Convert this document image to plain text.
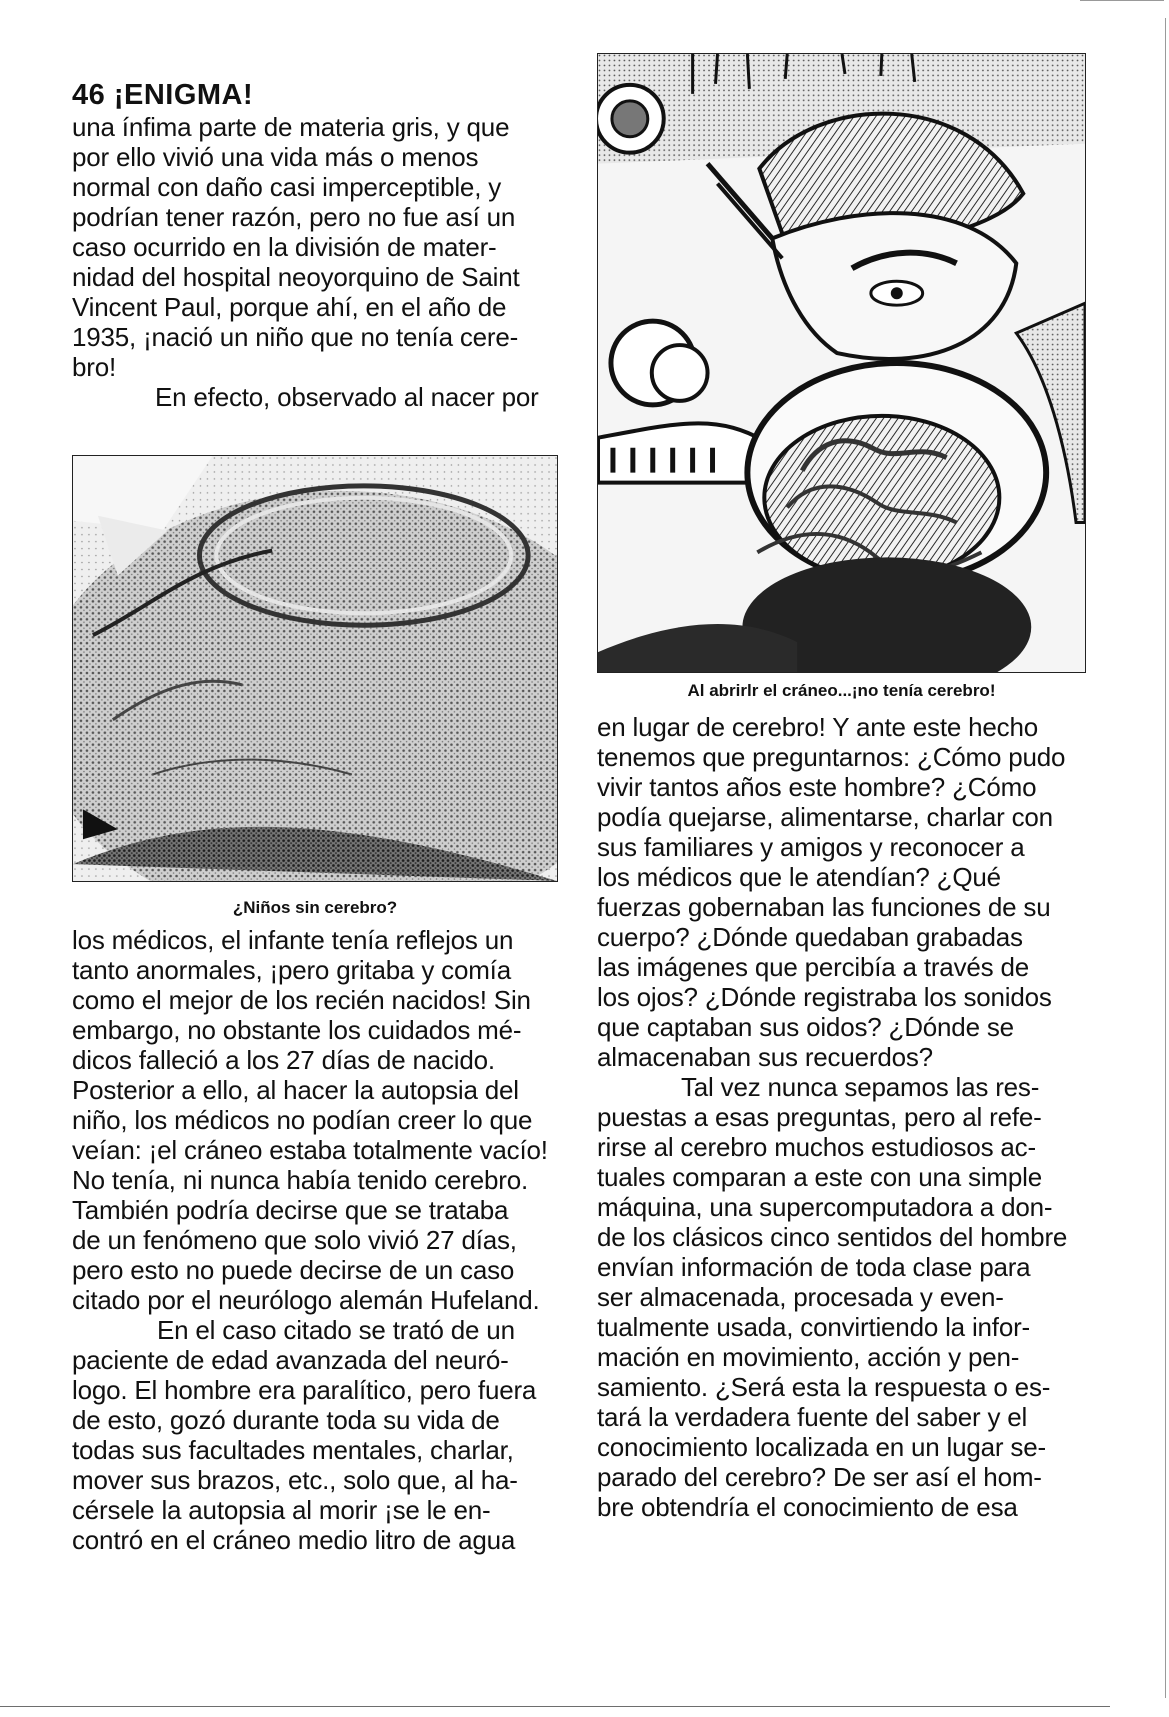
46 ¡ENIGMA!
una ínfima parte de materia gris, y que
por ello vivió una vida más o menos
normal con daño casi imperceptible, y
podrían tener razón, pero no fue así un
caso ocurrido en la división de mater-
nidad del hospital neoyorquino de Saint
Vincent Paul, porque ahí, en el año de
1935, ¡nació un niño que no tenía cere-
bro!
En efecto, observado al nacer por
¿Niños sin cerebro?
los médicos, el infante tenía reflejos un
tanto anormales, ¡pero gritaba y comía
como el mejor de los recién nacidos! Sin
embargo, no obstante los cuidados mé-
dicos falleció a los 27 días de nacido.
Posterior a ello, al hacer la autopsia del
niño, los médicos no podían creer lo que
veían: ¡el cráneo estaba totalmente vacío!
No tenía, ni nunca había tenido cerebro.
También podría decirse que se trataba
de un fenómeno que solo vivió 27 días,
pero esto no puede decirse de un caso
citado por el neurólogo alemán Hufeland.
En el caso citado se trató de un
paciente de edad avanzada del neuró-
logo. El hombre era paralítico, pero fuera
de esto, gozó durante toda su vida de
todas sus facultades mentales, charlar,
mover sus brazos, etc., solo que, al ha-
cérsele la autopsia al morir ¡se le en-
contró en el cráneo medio litro de agua
Al abrirlr el cráneo...¡no tenía cerebro!
en lugar de cerebro! Y ante este hecho
tenemos que preguntarnos: ¿Cómo pudo
vivir tantos años este hombre? ¿Cómo
podía quejarse, alimentarse, charlar con
sus familiares y amigos y reconocer a
los médicos que le atendían? ¿Qué
fuerzas gobernaban las funciones de su
cuerpo? ¿Dónde quedaban grabadas
las imágenes que percibía a través de
los ojos? ¿Dónde registraba los sonidos
que captaban sus oidos? ¿Dónde se
almacenaban sus recuerdos?
Tal vez nunca sepamos las res-
puestas a esas preguntas, pero al refe-
rirse al cerebro muchos estudiosos ac-
tuales comparan a este con una simple
máquina, una supercomputadora a don-
de los clásicos cinco sentidos del hombre
envían información de toda clase para
ser almacenada, procesada y even-
tualmente usada, convirtiendo la infor-
mación en movimiento, acción y pen-
samiento. ¿Será esta la respuesta o es-
tará la verdadera fuente del saber y el
conocimiento localizada en un lugar se-
parado del cerebro? De ser así el hom-
bre obtendría el conocimiento de esa
